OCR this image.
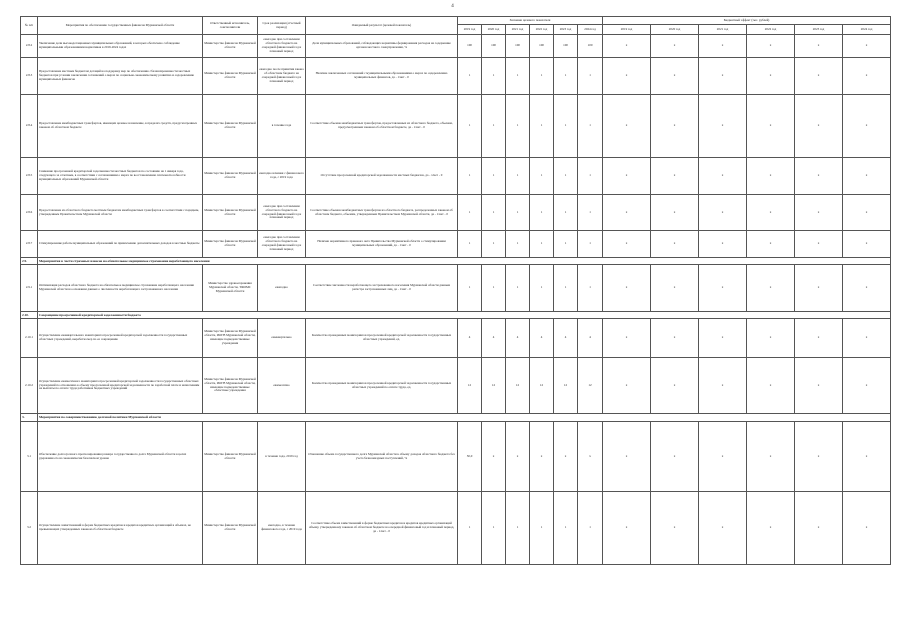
4
№ п/п	Мероприятия по обеспечению государственных финансов Мурманской области	Ответственный исполнитель, соисполнители	Срок реализации (отчетный период)	Ожидаемый результат (целевой показатель)	Значение целевого показателя						Бюджетный эффект (тыс. рублей)					
					2019 год	2020 год	2021 год	2022 год	2023 год	2024 год	2019 год	2020 год	2021 год	2022 год	2023 год	2024 год
2.8.2	Увеличение доли высокодотационных муниципальных образований, в которых обеспечено соблюдение муниципальными образованиями нормативов в 2019-2024 годах	Министерство финансов Мурманской области	ежегодно при составлении областного бюджета на очередной финансовый год и плановый период	Доля муниципальных образований, соблюдающих нормативы формирования расходов на содержание органов местного самоуправления, %	100	100	100	100	100	100	x	x	x	x	x	x
2.8.3	Предоставление местным бюджетам дотаций на поддержку мер по обеспечению сбалансированности местных бюджетов при условии заключения соглашений о мерах по социально-экономическому развитию и оздоровлению муниципальных финансов	Министерство финансов Мурманской области	ежегодно после принятия закона об областном бюджете на очередной финансовый год и плановый период	Наличие заключенных соглашений с муниципальными образованиями о мерах по оздоровлению муниципальных финансов, да - 1/нет - 0	1	1	1	1	1	1	x	x	x	x	x	x
2.8.4	Предоставление межбюджетных трансфертов, имеющих целевое назначение, в пределах средств, предусмотренных законом об областном бюджете	Министерство финансов Мурманской области	в течение года	Соответствие объемов межбюджетных трансфертов, предоставленных из областного бюджета, объемам, предусмотренным законом об областном бюджете, да - 1/нет - 0	1	1	1	1	1	1	x	x	x	x	x	x
2.8.5	Снижение просроченной кредиторской задолженности местных бюджетов по состоянию на 1 января года, следующего за отчетным, в соответствии с соглашениями о мерах по восстановлению платежеспособности муниципальных образований Мурманской области	Министерство финансов Мурманской области	ежегодно начиная с финансового года, с 2019 года	Отсутствие просроченной кредиторской задолженности местных бюджетов, да - 1/нет - 0	1	1	1	1	1	1	x	x	x	x	x	x
2.8.6	Предоставление из областного бюджета местным бюджетам межбюджетных трансфертов в соответствии с порядком, утвержденным Правительством Мурманской области	Министерство финансов Мурманской области	ежегодно при составлении областного бюджета на очередной финансовый год и плановый период	Соответствие объемов межбюджетных трансфертов из областного бюджета, распределенных законом об областном бюджете, объемам, утвержденным Правительством Мурманской области, да - 1/нет - 0	1	1	1	1	1	1	x	x	x	x	x	x
2.8.7	Стимулирование работы муниципальных образований по привлечению дополнительных доходов в местные бюджеты	Министерство финансов Мурманской области	ежегодно при составлении областного бюджета на очередной финансовый год и плановый период	Наличие нормативного правового акта Правительства Мурманской области о стимулировании муниципальных образований, да - 1/нет - 0	1	1	1	1	1	1	x	x	x	x	x	x
2.9.	Мероприятия в части страховых взносов на обязательное медицинское страхование неработающего населения															
2.9.1	Оптимизация расходов областного бюджета на обязательное медицинское страхование неработающего населения Мурманской области на основании данных о численности неработающего застрахованного населения	Министерство здравоохранения Мурманской области, ТФОМС Мурманской области	ежегодно	Соответствие численности неработающего застрахованного населения Мурманской области данным регистра застрахованных лиц, да - 1/нет - 0	1	1	1	1	1	1	x	x	x	x	x	x
2.10.	Сокращение просроченной кредиторской задолженности бюджета															
2.10.1	Осуществление ежеквартального мониторинга просроченной кредиторской задолженности государственных областных учреждений, выработка мер по ее сокращению	Министерство финансов Мурманской области, ИОГВ Мурманской области, имеющие подведомственные учреждения	ежеквартально	Количество проведенных мониторингов просроченной кредиторской задолженности государственных областных учреждений, ед.	4	4	4	4	4	4	x	x	x	x	x	x
2.10.2	Осуществление ежемесячного мониторинга просроченной кредиторской задолженности государственных областных учреждений по отношению к объему просроченной кредиторской задолженности по заработной плате и начислениям на выплаты по оплате труда работников бюджетных учреждений	Министерство финансов Мурманской области, ИОГВ Мурманской области, имеющие подведомственные областные учреждения	ежемесячно	Количество проведенных мониторингов просроченной кредиторской задолженности государственных областных учреждений по оплате труда, ед.	12	12	12	12	12	12	x	x	x	x	x	x
3.	Мероприятия по совершенствованию долговой политики Мурманской области															
3.1	Обеспечение долгосрочного прогнозирования размера государственного долга Мурманской области в целях удержания его на экономически безопасном уровне	Министерство финансов Мурманской области	в течение года, 2019 год	Отношение объема государственного долга Мурманской области к объему доходов областного бюджета без учета безвозмездных поступлений, %	50,0	x	x	x	x	x	x	x	x	x	x	x
3.2	Осуществление заимствований в форме бюджетных кредитов и кредитов кредитных организаций в объемах, не превышающих утвержденных законом об областном бюджете	Министерство финансов Мурманской области	ежегодно, в течение финансового года, с 2019 года	Соответствие объема заимствований в форме бюджетных кредитов и кредитов кредитных организаций объему, утвержденному законом об областном бюджете на очередной финансовый год и плановый период, да - 1/нет - 0	1	1	1	1	1	1	x	x	x	x	x	x
